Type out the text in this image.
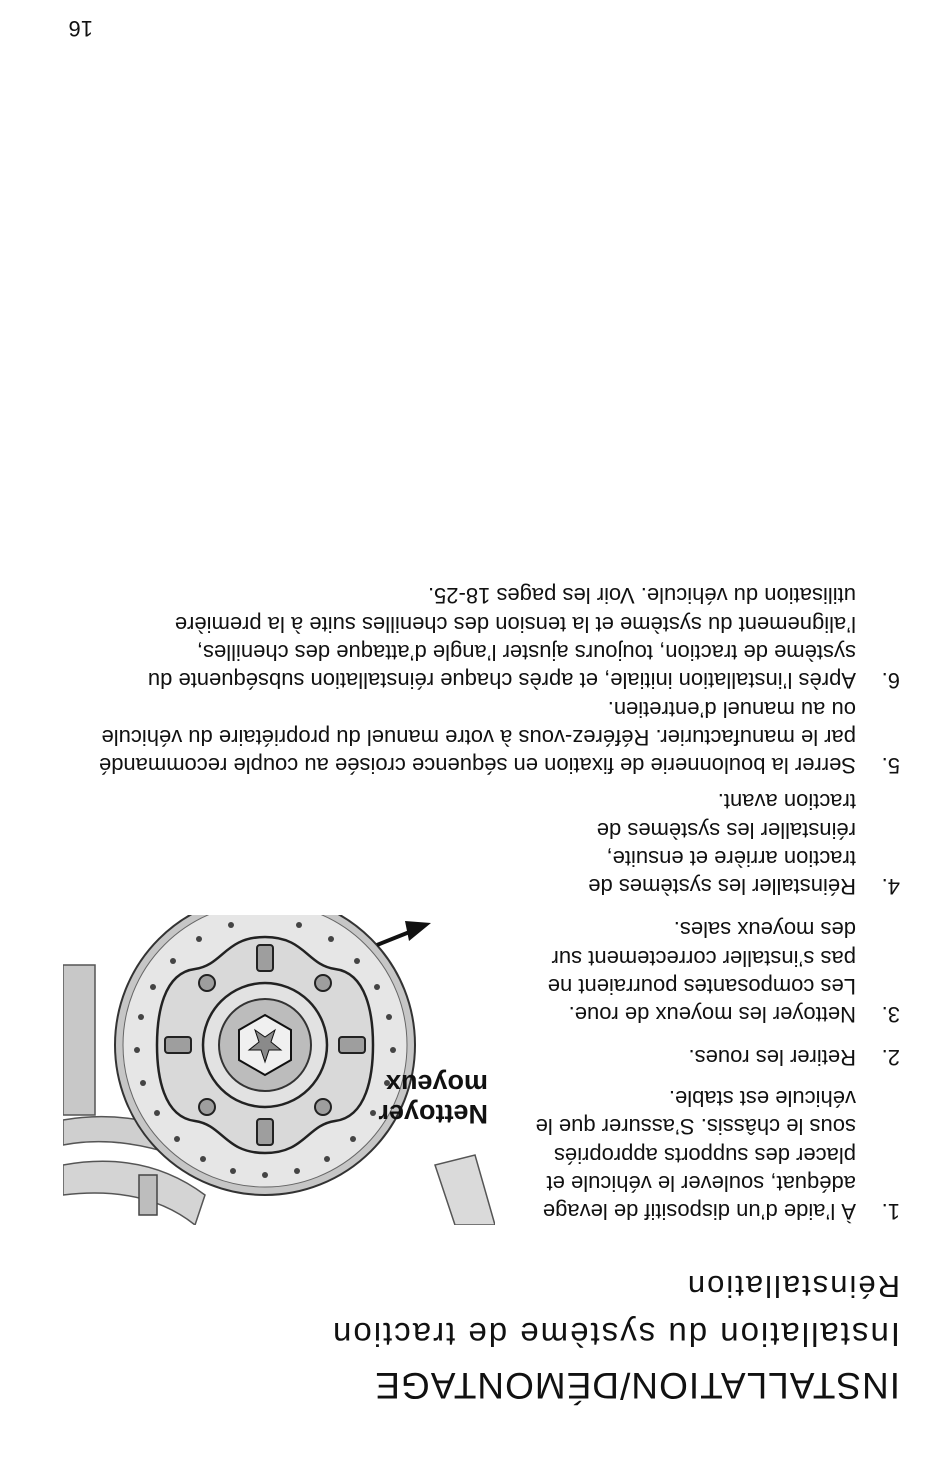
INSTALLATION/DÉMONTAGE
Installation du système de traction
Réinstallation
1.
À l’aide d’un dispositif de levage adéquat, soulever le véhicule et placer des supports appropriés sous le châssis. S’assurer que le véhicule est stable.
2.
Retirer les roues.
3.
Nettoyer les moyeux de roue. Les composantes pourraient ne pas s’installer correctement sur des moyeux sales.
4.
Réinstaller les systèmes de traction arrière et ensuite, réinstaller les systèmes de traction avant.
5.
Serrer la boulonnerie de fixation en séquence croisée au couple recommandé par le manufacturier. Référez-vous à votre manuel du propriétaire du véhicule ou au manuel d’entretien.
6.
Après l’installation initiale, et après chaque réinstallation subséquente du système de traction, toujours ajuster l’angle d’attaque des chenilles, l’alignement du système et la tension des chenilles suite à la première utilisation du véhicule. Voir les pages 18-25.
Nettoyer
moyeux
16
